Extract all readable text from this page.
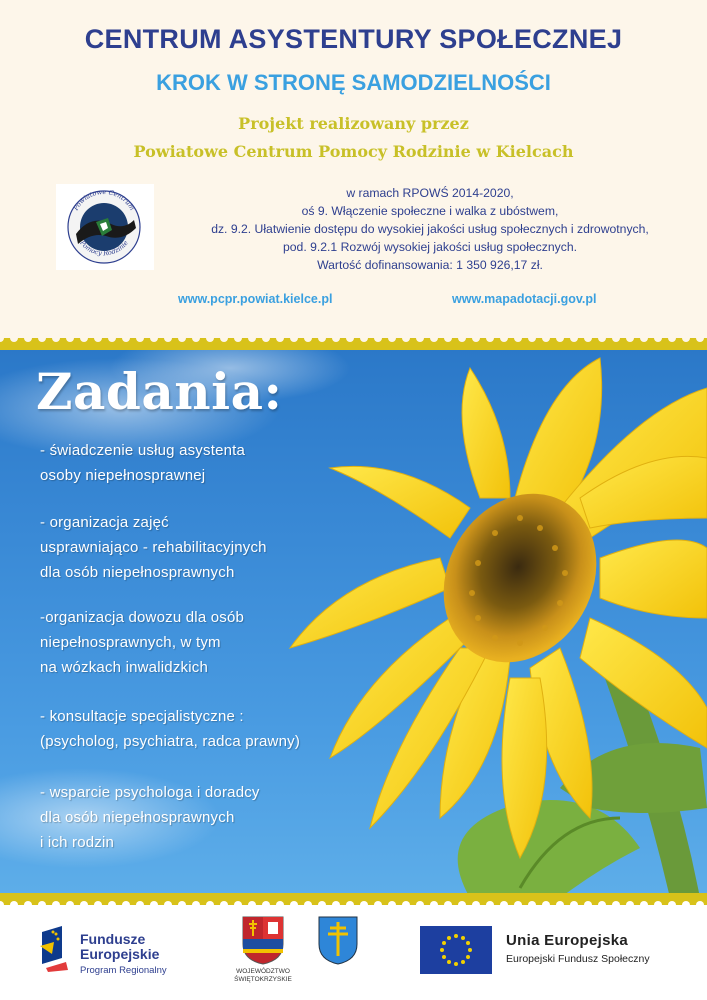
CENTRUM ASYSTENTURY SPOŁECZNEJ
KROK W STRONĘ SAMODZIELNOŚCI
Projekt realizowany przez
Powiatowe Centrum Pomocy Rodzinie w Kielcach
Powiatowe Centrum
Pomocy Rodzinie
w ramach RPOWŚ 2014-2020,
oś 9. Włączenie społeczne i walka z ubóstwem,
dz. 9.2. Ułatwienie dostępu do wysokiej jakości usług społecznych i zdrowotnych,
pod. 9.2.1 Rozwój wysokiej jakości usług społecznych.
Wartość dofinansowania: 1 350 926,17 zł.
www.pcpr.powiat.kielce.pl	www.mapadotacji.gov.pl
Zadania:
- świadczenie usług asystenta
osoby niepełnosprawnej
- organizacja zajęć
usprawniająco - rehabilitacyjnych
dla osób niepełnosprawnych
-organizacja dowozu dla osób
niepełnosprawnych, w tym
na wózkach inwalidzkich
- konsultacje specjalistyczne :
(psycholog, psychiatra, radca prawny)
- wsparcie psychologa i doradcy
dla osób niepełnosprawnych
i ich rodzin
Fundusze
Europejskie
Program Regionalny	WOJEWÓDZTWO
ŚWIĘTOKRZYSKIE
Unia Europejska
Europejski Fundusz Społeczny
